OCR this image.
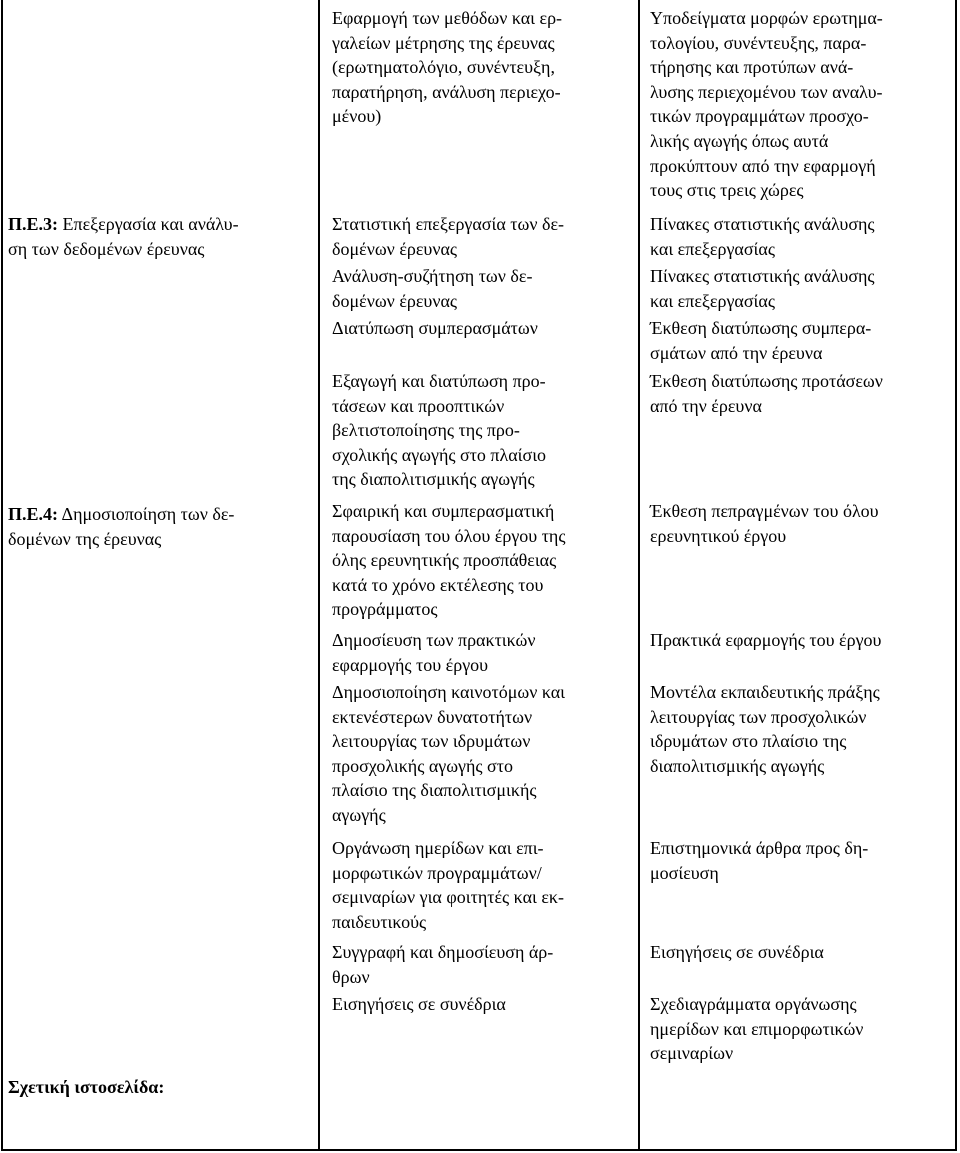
Π.Ε.3: Επεξεργασία και ανάλυ-
ση των δεδομένων έρευνας
Π.Ε.4: Δημοσιοποίηση των δε-
δομένων της έρευνας
Σχετική ιστοσελίδα:
Εφαρμογή των μεθόδων και ερ-
γαλείων μέτρησης της έρευνας
(ερωτηματολόγιο, συνέντευξη,
παρατήρηση, ανάλυση περιεχο-
μένου)
Υποδείγματα μορφών ερωτημα-
τολογίου, συνέντευξης, παρα-
τήρησης και προτύπων ανά-
λυσης περιεχομένου των αναλυ-
τικών προγραμμάτων προσχο-
λικής αγωγής όπως αυτά
προκύπτουν από την εφαρμογή
τους στις τρεις χώρες
Στατιστική επεξεργασία των δε-
δομένων έρευνας
Πίνακες στατιστικής ανάλυσης
και επεξεργασίας
Ανάλυση-συζήτηση των δε-
δομένων έρευνας
Πίνακες στατιστικής ανάλυσης
και επεξεργασίας
Διατύπωση συμπερασμάτων	Έκθεση διατύπωσης συμπερα-
σμάτων από την έρευνα
Εξαγωγή και διατύπωση προ-
τάσεων και προοπτικών
βελτιστοποίησης της προ-
σχολικής αγωγής στο πλαίσιο
της διαπολιτισμικής αγωγής
Έκθεση διατύπωσης προτάσεων
από την έρευνα
Σφαιρική και συμπερασματική
παρουσίαση του όλου έργου της
όλης ερευνητικής προσπάθειας
κατά το χρόνο εκτέλεσης του
προγράμματος
Έκθεση πεπραγμένων του όλου
ερευνητικού έργου
Δημοσίευση των πρακτικών
εφαρμογής του έργου
Πρακτικά εφαρμογής του έργου
Δημοσιοποίηση καινοτόμων και
εκτενέστερων δυνατοτήτων
λειτουργίας των ιδρυμάτων
προσχολικής αγωγής στο
πλαίσιο της διαπολιτισμικής
αγωγής
Μοντέλα εκπαιδευτικής πράξης
λειτουργίας των προσχολικών
ιδρυμάτων στο πλαίσιο της
διαπολιτισμικής αγωγής
Οργάνωση ημερίδων και επι-
μορφωτικών προγραμμάτων/
σεμιναρίων για φοιτητές και εκ-
παιδευτικούς
Επιστημονικά άρθρα προς δη-
μοσίευση
Συγγραφή και δημοσίευση άρ-
θρων
Εισηγήσεις σε συνέδρια
Εισηγήσεις σε συνέδρια	Σχεδιαγράμματα οργάνωσης
ημερίδων και επιμορφωτικών
σεμιναρίων
